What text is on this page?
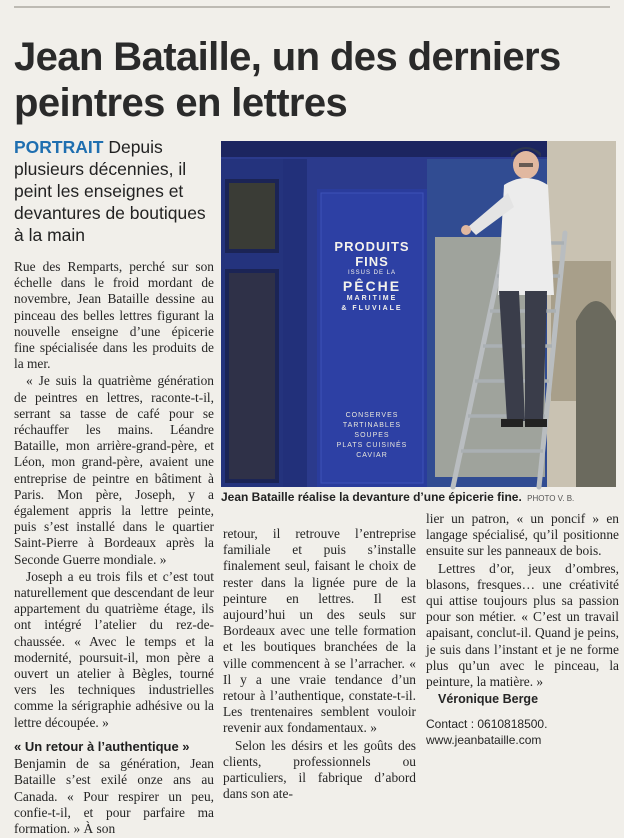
Jean Bataille, un des derniers peintres en lettres
PORTRAIT Depuis plusieurs décennies, il peint les enseignes et devantures de boutiques à la main
PRODUITS
FINS
ISSUS DE LA
PÊCHE
MARITIME
& FLUVIALE
CONSERVES
TARTINABLES
SOUPES
PLATS CUISINÉS
CAVIAR
Jean Bataille réalise la devanture d’une épicerie fine. PHOTO V. B.

Rue des Remparts, perché sur son échelle dans le froid mordant de novembre, Jean Bataille dessine au pinceau des belles lettres figurant la nouvelle enseigne d’une épicerie fine spécialisée dans les produits de la mer.

« Je suis la quatrième génération de peintres en lettres, raconte-t-il, serrant sa tasse de café pour se réchauffer les mains. Léandre Bataille, mon arrière-grand-père, et Léon, mon grand-père, avaient une entreprise de peintre en bâtiment à Paris. Mon père, Joseph, y a également appris la lettre peinte, puis s’est installé dans le quartier Saint-Pierre à Bordeaux après la Seconde Guerre mondiale. »

Joseph a eu trois fils et c’est tout naturellement que descendant de leur appartement du quatrième étage, ils ont intégré l’atelier du rez-de-chaussée. « Avec le temps et la modernité, poursuit-il, mon père a ouvert un atelier à Bègles, tourné vers les techniques industrielles comme la sérigraphie adhésive ou la lettre découpée. »

« Un retour à l’authentique »

Benjamin de sa génération, Jean Bataille s’est exilé onze ans au Canada. « Pour respirer un peu, confie-t-il, et pour parfaire ma formation. » À son

retour, il retrouve l’entreprise familiale et puis s’installe finalement seul, faisant le choix de rester dans la lignée pure de la peinture en lettres. Il est aujourd’hui un des seuls sur Bordeaux avec une telle formation et les boutiques branchées de la ville commencent à se l’arracher. « Il y a une vraie tendance d’un retour à l’authentique, constate-t-il. Les trentenaires semblent vouloir revenir aux fondamentaux. »

Selon les désirs et les goûts des clients, professionnels ou particuliers, il fabrique d’abord dans son ate-

lier un patron, « un poncif » en langage spécialisé, qu’il positionne ensuite sur les panneaux de bois.

Lettres d’or, jeux d’ombres, blasons, fresques… une créativité qui attise toujours plus sa passion pour son métier. « C’est un travail apaisant, conclut-il. Quand je peins, je suis dans l’instant et je ne forme plus qu’un avec le pinceau, la peinture, la matière. »

Véronique Berge

Contact : 0610818500.
www.jeanbataille.com
